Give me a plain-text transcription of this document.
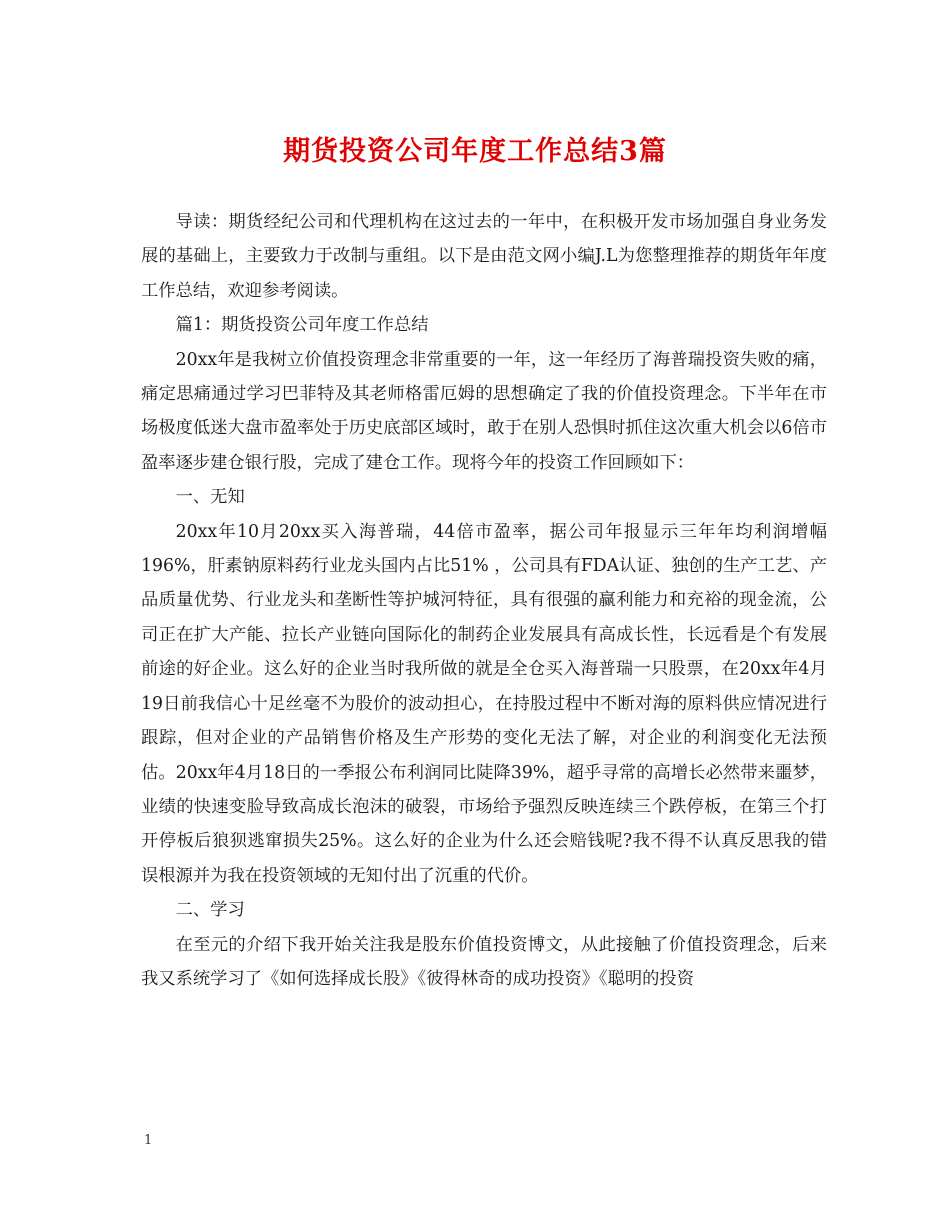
期货投资公司年度工作总结3篇

导读：期货经纪公司和代理机构在这过去的一年中，在积极开发市场加强自身业务发展的基础上，主要致力于改制与重组。以下是由范文网小编J.L为您整理推荐的期货年年度工作总结，欢迎参考阅读。

篇1：期货投资公司年度工作总结

20xx年是我树立价值投资理念非常重要的一年，这一年经历了海普瑞投资失败的痛，痛定思痛通过学习巴菲特及其老师格雷厄姆的思想确定了我的价值投资理念。下半年在市场极度低迷大盘市盈率处于历史底部区域时，敢于在别人恐惧时抓住这次重大机会以6倍市盈率逐步建仓银行股，完成了建仓工作。现将今年的投资工作回顾如下：

一、无知

20xx年10月20xx买入海普瑞，44倍市盈率，据公司年报显示三年年均利润增幅196%，肝素钠原料药行业龙头国内占比51% ，公司具有FDA认证、独创的生产工艺、产品质量优势、行业龙头和垄断性等护城河特征，具有很强的赢利能力和充裕的现金流，公司正在扩大产能、拉长产业链向国际化的制药企业发展具有高成长性，长远看是个有发展前途的好企业。这么好的企业当时我所做的就是全仓买入海普瑞一只股票，在20xx年4月19日前我信心十足丝毫不为股价的波动担心，在持股过程中不断对海的原料供应情况进行跟踪，但对企业的产品销售价格及生产形势的变化无法了解，对企业的利润变化无法预估。20xx年4月18日的一季报公布利润同比陡降39%，超乎寻常的高增长必然带来噩梦，业绩的快速变脸导致高成长泡沫的破裂，市场给予强烈反映连续三个跌停板，在第三个打开停板后狼狈逃窜损失25%。这么好的企业为什么还会赔钱呢?我不得不认真反思我的错误根源并为我在投资领域的无知付出了沉重的代价。

二、学习

在至元的介绍下我开始关注我是股东价值投资博文，从此接触了价值投资理念，后来我又系统学习了《如何选择成长股》《彼得林奇的成功投资》《聪明的投资

1
